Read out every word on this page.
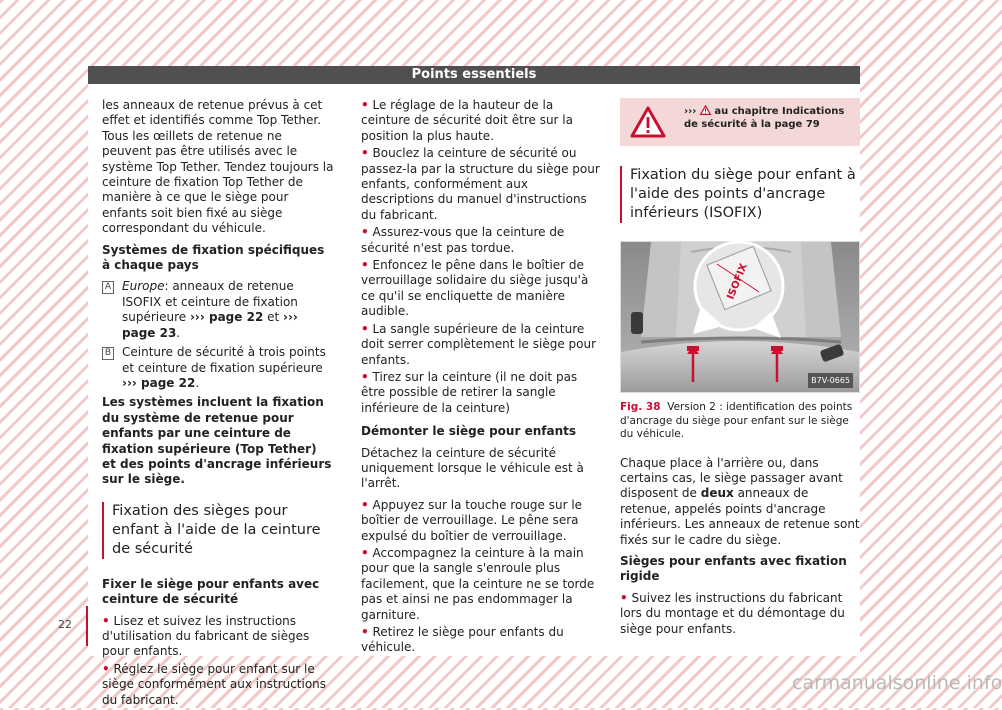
Points essentiels

les anneaux de retenue prévus à cet effet et identifiés comme Top Tether. Tous les œillets de retenue ne peuvent pas être utilisés avec le système Top Tether. Tendez toujours la ceinture de fixation Top Tether de manière à ce que le siège pour enfants soit bien fixé au siège correspondant du véhicule.

Systèmes de fixation spécifiques à chaque pays

A Europe: anneaux de retenue ISOFIX et ceinture de fixation supérieure ››› page 22 et ››› page 23.
B Ceinture de sécurité à trois points et ceinture de fixation supérieure ››› page 22.

Les systèmes incluent la fixation du système de retenue pour enfants par une ceinture de fixation supérieure (Top Tether) et des points d'ancrage inférieurs sur le siège.

Fixation des sièges pour enfant à l'aide de la ceinture de sécurité

Fixer le siège pour enfants avec ceinture de sécurité

• Lisez et suivez les instructions d'utilisation du fabricant de sièges pour enfants.
• Réglez le siège pour enfant sur le siège conformément aux instructions du fabricant.
• Le réglage de la hauteur de la ceinture de sécurité doit être sur la position la plus haute.
• Bouclez la ceinture de sécurité ou passez-la par la structure du siège pour enfants, conformément aux descriptions du manuel d'instructions du fabricant.
• Assurez-vous que la ceinture de sécurité n'est pas tordue.
• Enfoncez le pêne dans le boîtier de verrouillage solidaire du siège jusqu'à ce qu'il se encliquette de manière audible.
• La sangle supérieure de la ceinture doit serrer complètement le siège pour enfants.
• Tirez sur la ceinture (il ne doit pas être possible de retirer la sangle inférieure de la ceinture)

Démonter le siège pour enfants

Détachez la ceinture de sécurité uniquement lorsque le véhicule est à l'arrêt.

• Appuyez sur la touche rouge sur le boîtier de verrouillage. Le pêne sera expulsé du boîtier de verrouillage.
• Accompagnez la ceinture à la main pour que la sangle s'enroule plus facilement, que la ceinture ne se torde pas et ainsi ne pas endommager la garniture.
• Retirez le siège pour enfants du véhicule.
›››  au chapitre Indications de sécurité à la page 79
Fixation du siège pour enfant à l'aide des points d'ancrage inférieurs (ISOFIX)
ISOFIX
B7V-0665
Fig. 38 Version 2 : identification des points d'ancrage du siège pour enfant sur le siège du véhicule.

Chaque place à l'arrière ou, dans certains cas, le siège passager avant disposent de deux anneaux de retenue, appelés points d'ancrage inférieurs. Les anneaux de retenue sont fixés sur le cadre du siège.

Sièges pour enfants avec fixation rigide

• Suivez les instructions du fabricant lors du montage et du démontage du siège pour enfants.
22
carmanualsonline.info
